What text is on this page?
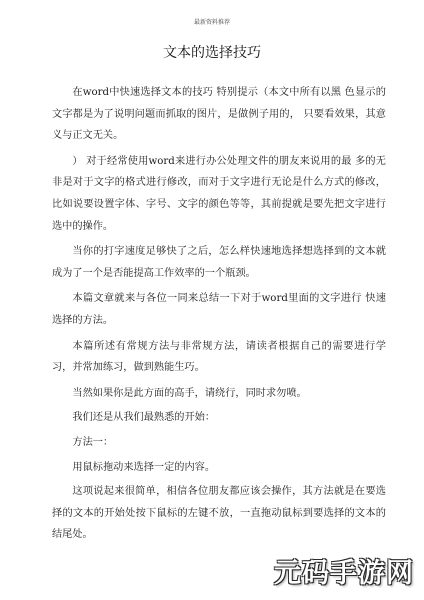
最新资料推荐
文本的选择技巧

在word中快速选择文本的技巧 特别提示（本文中所有以黑 色显示的文字都是为了说明问题而抓取的图片，是做例子用的， 只要看效果，其意义与正文无关。

） 对于经常使用word来进行办公处理文件的朋友来说用的最 多的无非是对于文字的格式进行修改，而对于文字进行无论是什么方式的修改，比如说要设置字体、字号、文字的颜色等等，其前提就是要先把文字进行选中的操作。

当你的打字速度足够快了之后，怎么样快速地选择想选择到的文本就成为了一个是否能提高工作效率的一个瓶颈。

本篇文章就来与各位一同来总结一下对于word里面的文字进行 快速选择的方法。

本篇所述有常规方法与非常规方法，请读者根据自己的需要进行学习，并常加练习，做到熟能生巧。

当然如果你是此方面的高手，请绕行，同时求勿喷。

我们还是从我们最熟悉的开始：

方法一：

用鼠标拖动来选择一定的内容。

这项说起来很简单，相信各位朋友都应该会操作，其方法就是在要选择的文本的开始处按下鼠标的左键不放，一直拖动鼠标到要选择的文本的结尾处。

元码手游网
